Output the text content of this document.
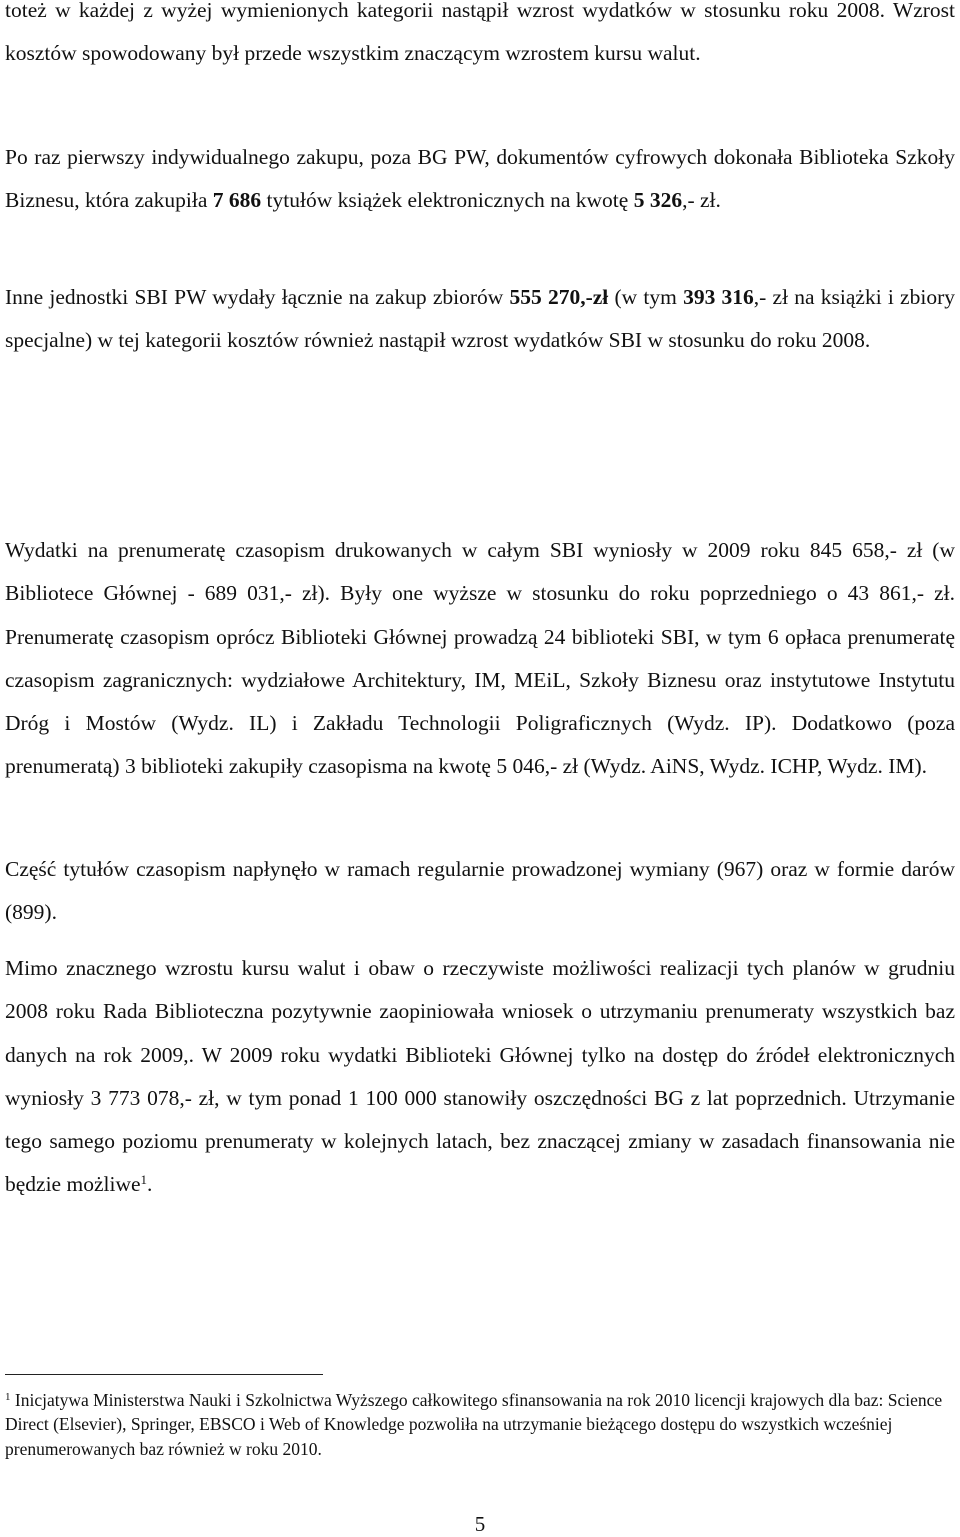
toteż w każdej z wyżej wymienionych kategorii nastąpił wzrost wydatków w stosunku roku 2008. Wzrost kosztów spowodowany był przede wszystkim znaczącym wzrostem kursu walut.

Po raz pierwszy indywidualnego zakupu, poza BG PW, dokumentów cyfrowych dokonała Biblioteka Szkoły Biznesu, która zakupiła 7 686 tytułów książek elektronicznych na kwotę 5 326,- zł.

Inne jednostki SBI PW wydały łącznie na zakup zbiorów 555 270,-zł (w tym 393 316,- zł na książki i zbiory specjalne) w tej kategorii kosztów również nastąpił wzrost wydatków SBI w stosunku do roku 2008.

Wydatki na prenumeratę czasopism drukowanych w całym SBI wyniosły w 2009 roku 845 658,- zł (w Bibliotece Głównej - 689 031,- zł). Były one wyższe w stosunku do roku poprzedniego o 43 861,- zł. Prenumeratę czasopism oprócz Biblioteki Głównej prowadzą 24 biblioteki SBI, w tym 6 opłaca prenumeratę czasopism zagranicznych: wydziałowe Architektury, IM, MEiL, Szkoły Biznesu oraz instytutowe Instytutu Dróg i Mostów (Wydz. IL) i Zakładu Technologii Poligraficznych (Wydz. IP). Dodatkowo (poza prenumeratą) 3 biblioteki zakupiły czasopisma na kwotę 5 046,- zł (Wydz. AiNS, Wydz. ICHP, Wydz. IM).

Część tytułów czasopism napłynęło w ramach regularnie prowadzonej wymiany (967) oraz w formie darów (899).

Mimo znacznego wzrostu kursu walut i obaw o rzeczywiste możliwości realizacji tych planów w grudniu 2008 roku Rada Biblioteczna pozytywnie zaopiniowała wniosek o utrzymaniu prenumeraty wszystkich baz danych na rok 2009,. W 2009 roku wydatki Biblioteki Głównej tylko na dostęp do źródeł elektronicznych wyniosły 3 773 078,- zł, w tym ponad 1 100 000 stanowiły oszczędności BG z lat poprzednich. Utrzymanie tego samego poziomu prenumeraty w kolejnych latach, bez znaczącej zmiany w zasadach finansowania nie będzie możliwe$^1$.

$^1$ Inicjatywa Ministerstwa Nauki i Szkolnictwa Wyższego całkowitego sfinansowania na rok 2010 licencji krajowych dla baz: Science Direct (Elsevier), Springer, EBSCO i Web of Knowledge pozwoliła na utrzymanie bieżącego dostępu do wszystkich wcześniej prenumerowanych baz również w roku 2010.

5
